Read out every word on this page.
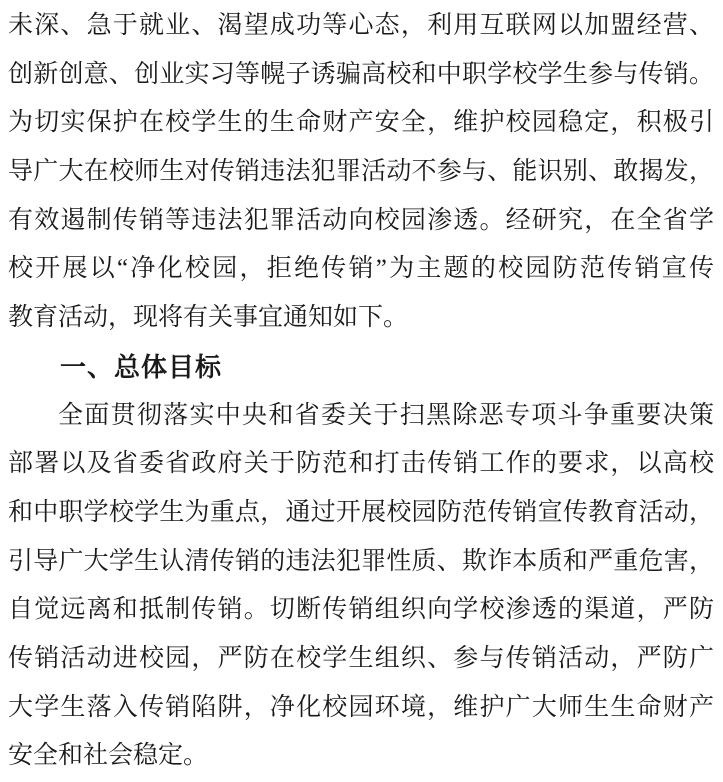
未深、急于就业、渴望成功等心态，利用互联网以加盟经营、
创新创意、创业实习等幌子诱骗高校和中职学校学生参与传销。
为切实保护在校学生的生命财产安全，维护校园稳定，积极引
导广大在校师生对传销违法犯罪活动不参与、能识别、敢揭发，
有效遏制传销等违法犯罪活动向校园渗透。经研究，在全省学
校开展以“净化校园，拒绝传销”为主题的校园防范传销宣传
教育活动，现将有关事宜通知如下。
一、总体目标
全面贯彻落实中央和省委关于扫黑除恶专项斗争重要决策
部署以及省委省政府关于防范和打击传销工作的要求，以高校
和中职学校学生为重点，通过开展校园防范传销宣传教育活动，
引导广大学生认清传销的违法犯罪性质、欺诈本质和严重危害，
自觉远离和抵制传销。切断传销组织向学校渗透的渠道，严防
传销活动进校园，严防在校学生组织、参与传销活动，严防广
大学生落入传销陷阱，净化校园环境，维护广大师生生命财产
安全和社会稳定。
